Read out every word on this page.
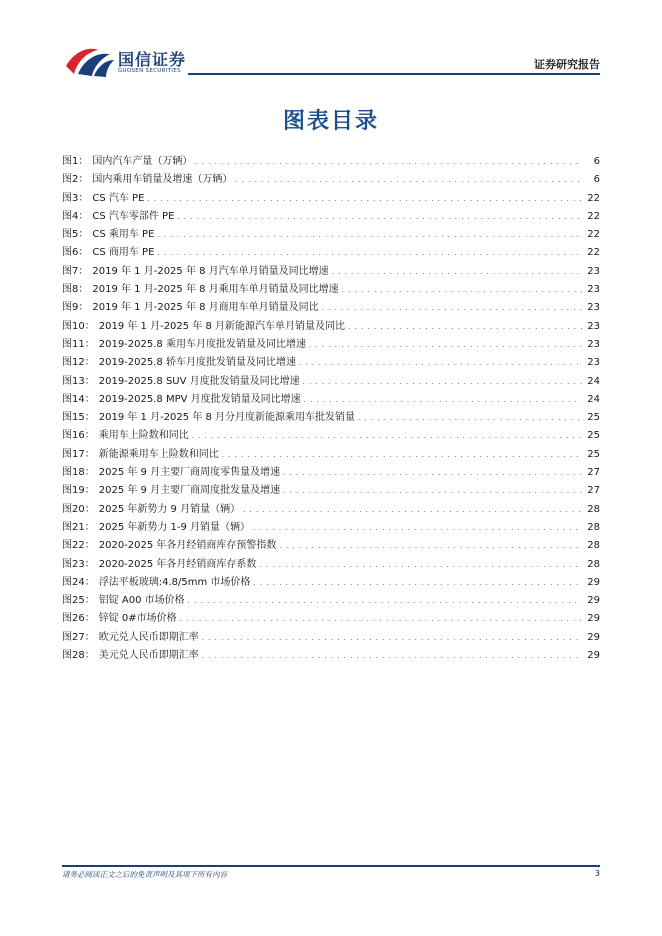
国信证券
GUOSEN SECURITIES	证券研究报告
图表目录
图1： 国内汽车产量（万辆） . . .	6
图2： 国内乘用车销量及增速（万辆） . . .	6
图3： CS 汽车 PE . . .	22
图4： CS 汽车零部件 PE . . .	22
图5： CS 乘用车 PE . . .	22
图6： CS 商用车 PE . . .	22
图7： 2019 年 1 月-2025 年 8 月汽车单月销量及同比增速 . . .	23
图8： 2019 年 1 月-2025 年 8 月乘用车单月销量及同比增速 . . .	23
图9： 2019 年 1 月-2025 年 8 月商用车单月销量及同比 . . .	23
图10： 2019 年 1 月-2025 年 8 月新能源汽车单月销量及同比 . . .	23
图11： 2019-2025.8 乘用车月度批发销量及同比增速 . . .	23
图12： 2019-2025.8 轿车月度批发销量及同比增速 . . .	23
图13： 2019-2025.8 SUV 月度批发销量及同比增速 . . .	24
图14： 2019-2025.8 MPV 月度批发销量及同比增速 . . .	24
图15： 2019 年 1 月-2025 年 8 月分月度新能源乘用车批发销量 . . .	25
图16： 乘用车上险数和同比 . . .	25
图17： 新能源乘用车上险数和同比 . . .	25
图18： 2025 年 9 月主要厂商周度零售量及增速 . . .	27
图19： 2025 年 9 月主要厂商周度批发量及增速 . . .	27
图20： 2025 年新势力 9 月销量（辆） . . .	28
图21： 2025 年新势力 1-9 月销量（辆） . . .	28
图22： 2020-2025 年各月经销商库存预警指数 . . .	28
图23： 2020-2025 年各月经销商库存系数 . . .	28
图24： 浮法平板玻璃:4.8/5mm 市场价格 . . .	29
图25： 铝锭 A00 市场价格 . . .	29
图26： 锌锭 0#市场价格 . . .	29
图27： 欧元兑人民币即期汇率 . . .	29
图28： 美元兑人民币即期汇率 . . .	29
请务必阅读正文之后的免责声明及其项下所有内容	3
